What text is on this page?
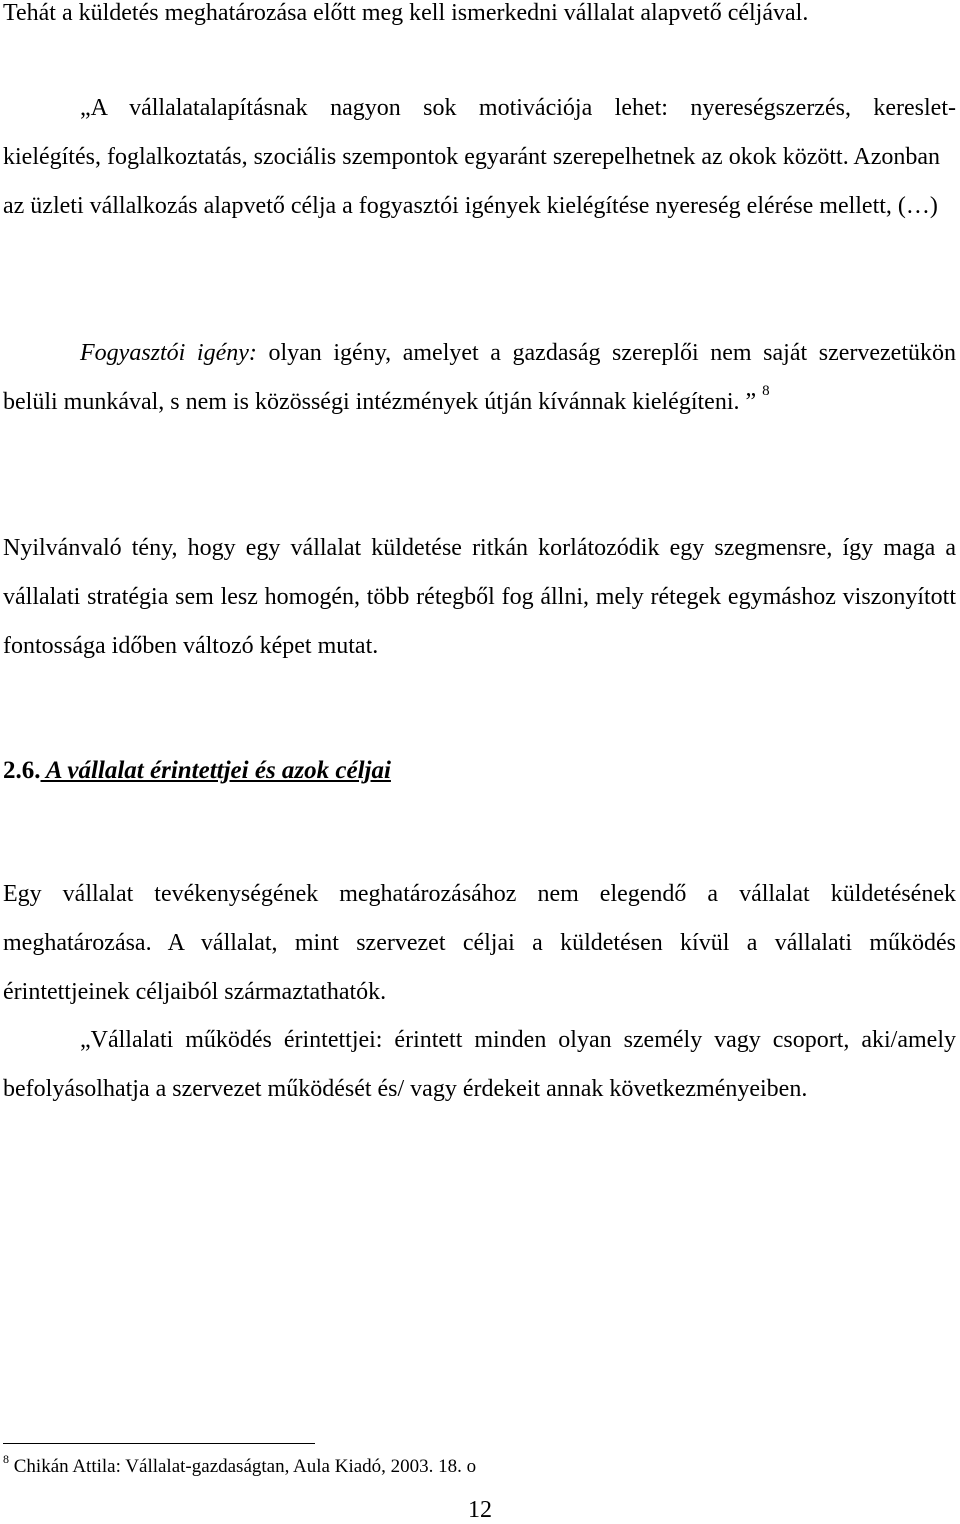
Tehát a küldetés meghatározása előtt meg kell ismerkedni vállalat alapvető céljával.

„A vállalatalapításnak nagyon sok motivációja lehet: nyereségszerzés, kereslet-
kielégítés, foglalkoztatás, szociális szempontok egyaránt szerepelhetnek az okok között. Azonban az üzleti vállalkozás alapvető célja a fogyasztói igények kielégítése nyereség elérése mellett, (…)

Fogyasztói igény: olyan igény, amelyet a gazdaság szereplői nem saját szervezetükön belüli munkával, s nem is közösségi intézmények útján kívánnak kielégíteni. ” $^8$

Nyilvánvaló tény, hogy egy vállalat küldetése ritkán korlátozódik egy szegmensre, így maga a vállalati stratégia sem lesz homogén, több rétegből fog állni, mely rétegek egymáshoz viszonyított fontossága időben változó képet mutat.

2.6. A vállalat érintettjei és azok céljai

Egy vállalat tevékenységének meghatározásához nem elegendő a vállalat küldetésének meghatározása. A vállalat, mint szervezet céljai a küldetésen kívül a vállalati működés érintettjeinek céljaiból származtathatók.

„Vállalati működés érintettjei: érintett minden olyan személy vagy csoport, aki/amely befolyásolhatja a szervezet működését és/ vagy érdekeit annak következményeiben.

$^8$ Chikán Attila: Vállalat-gazdaságtan, Aula Kiadó, 2003. 18. o

12
